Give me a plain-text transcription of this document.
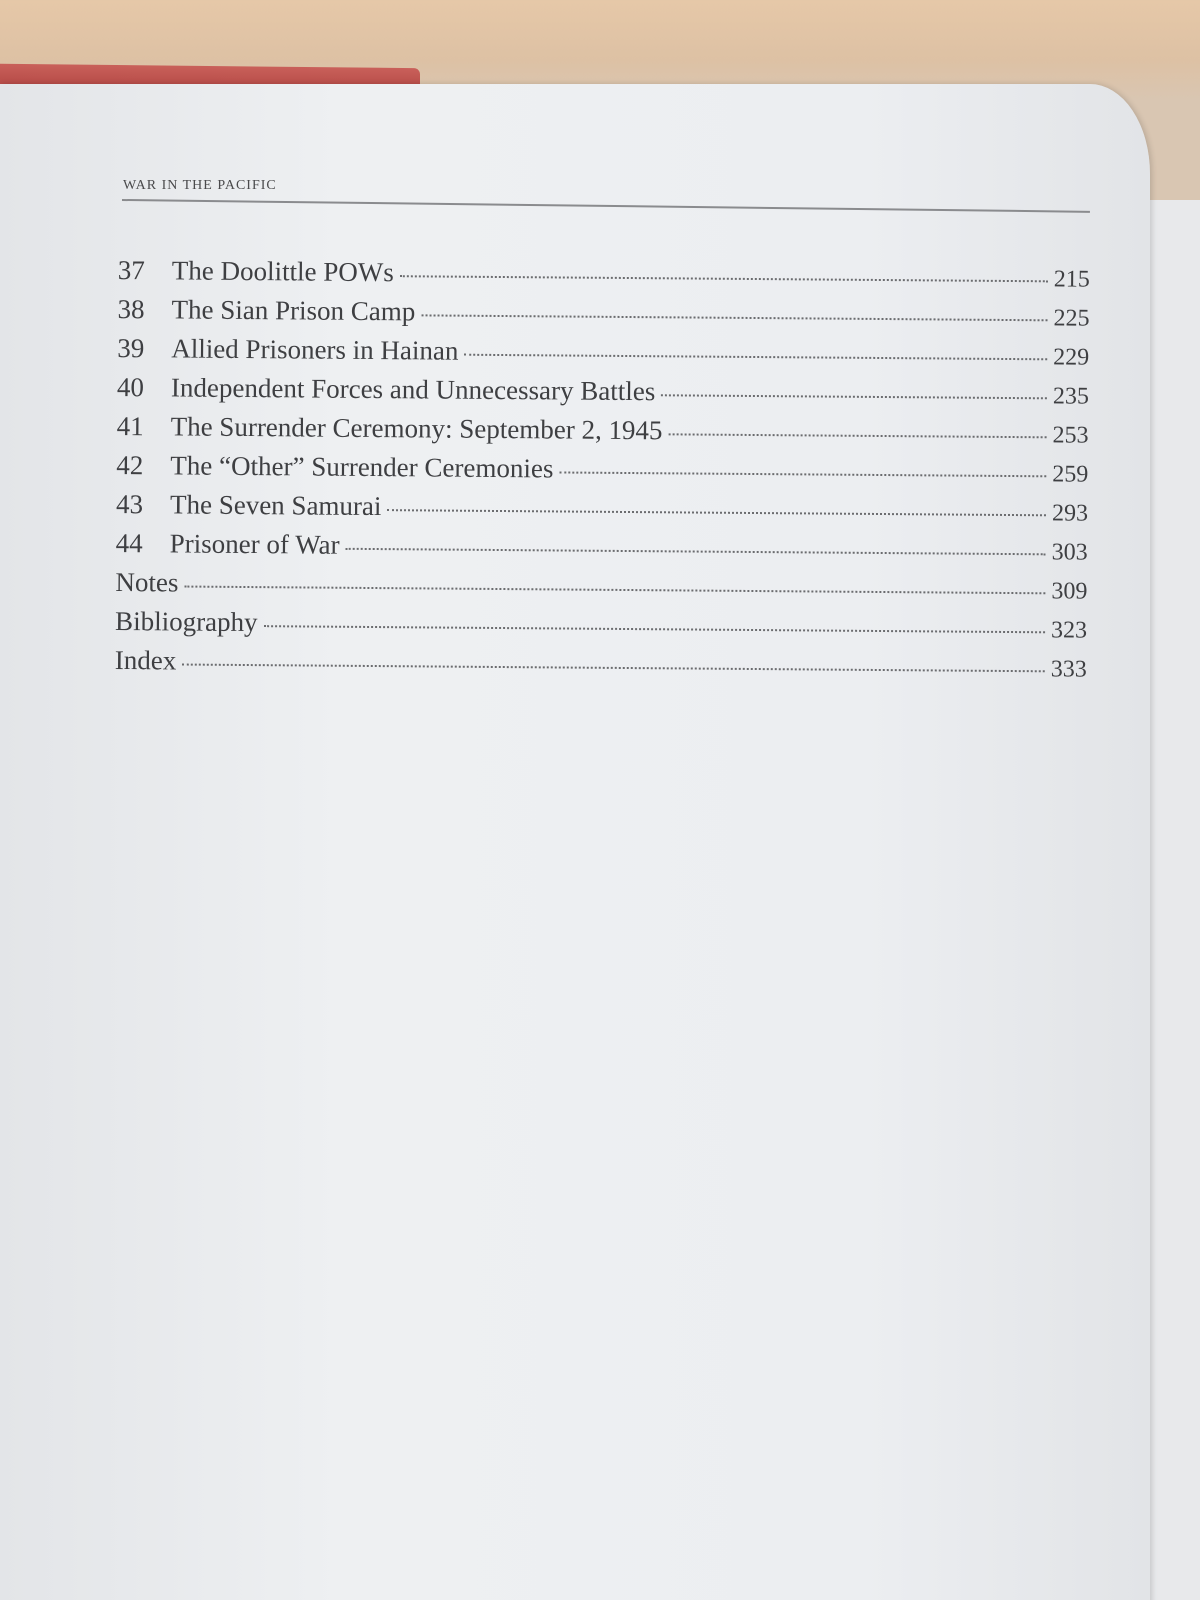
WAR IN THE PACIFIC
37 The Doolittle POWs	215
38 The Sian Prison Camp	225
39 Allied Prisoners in Hainan	229
40 Independent Forces and Unnecessary Battles	235
41 The Surrender Ceremony: September 2, 1945	253
42 The “Other” Surrender Ceremonies	259
43 The Seven Samurai	293
44 Prisoner of War	303
Notes	309
Bibliography	323
Index	333
